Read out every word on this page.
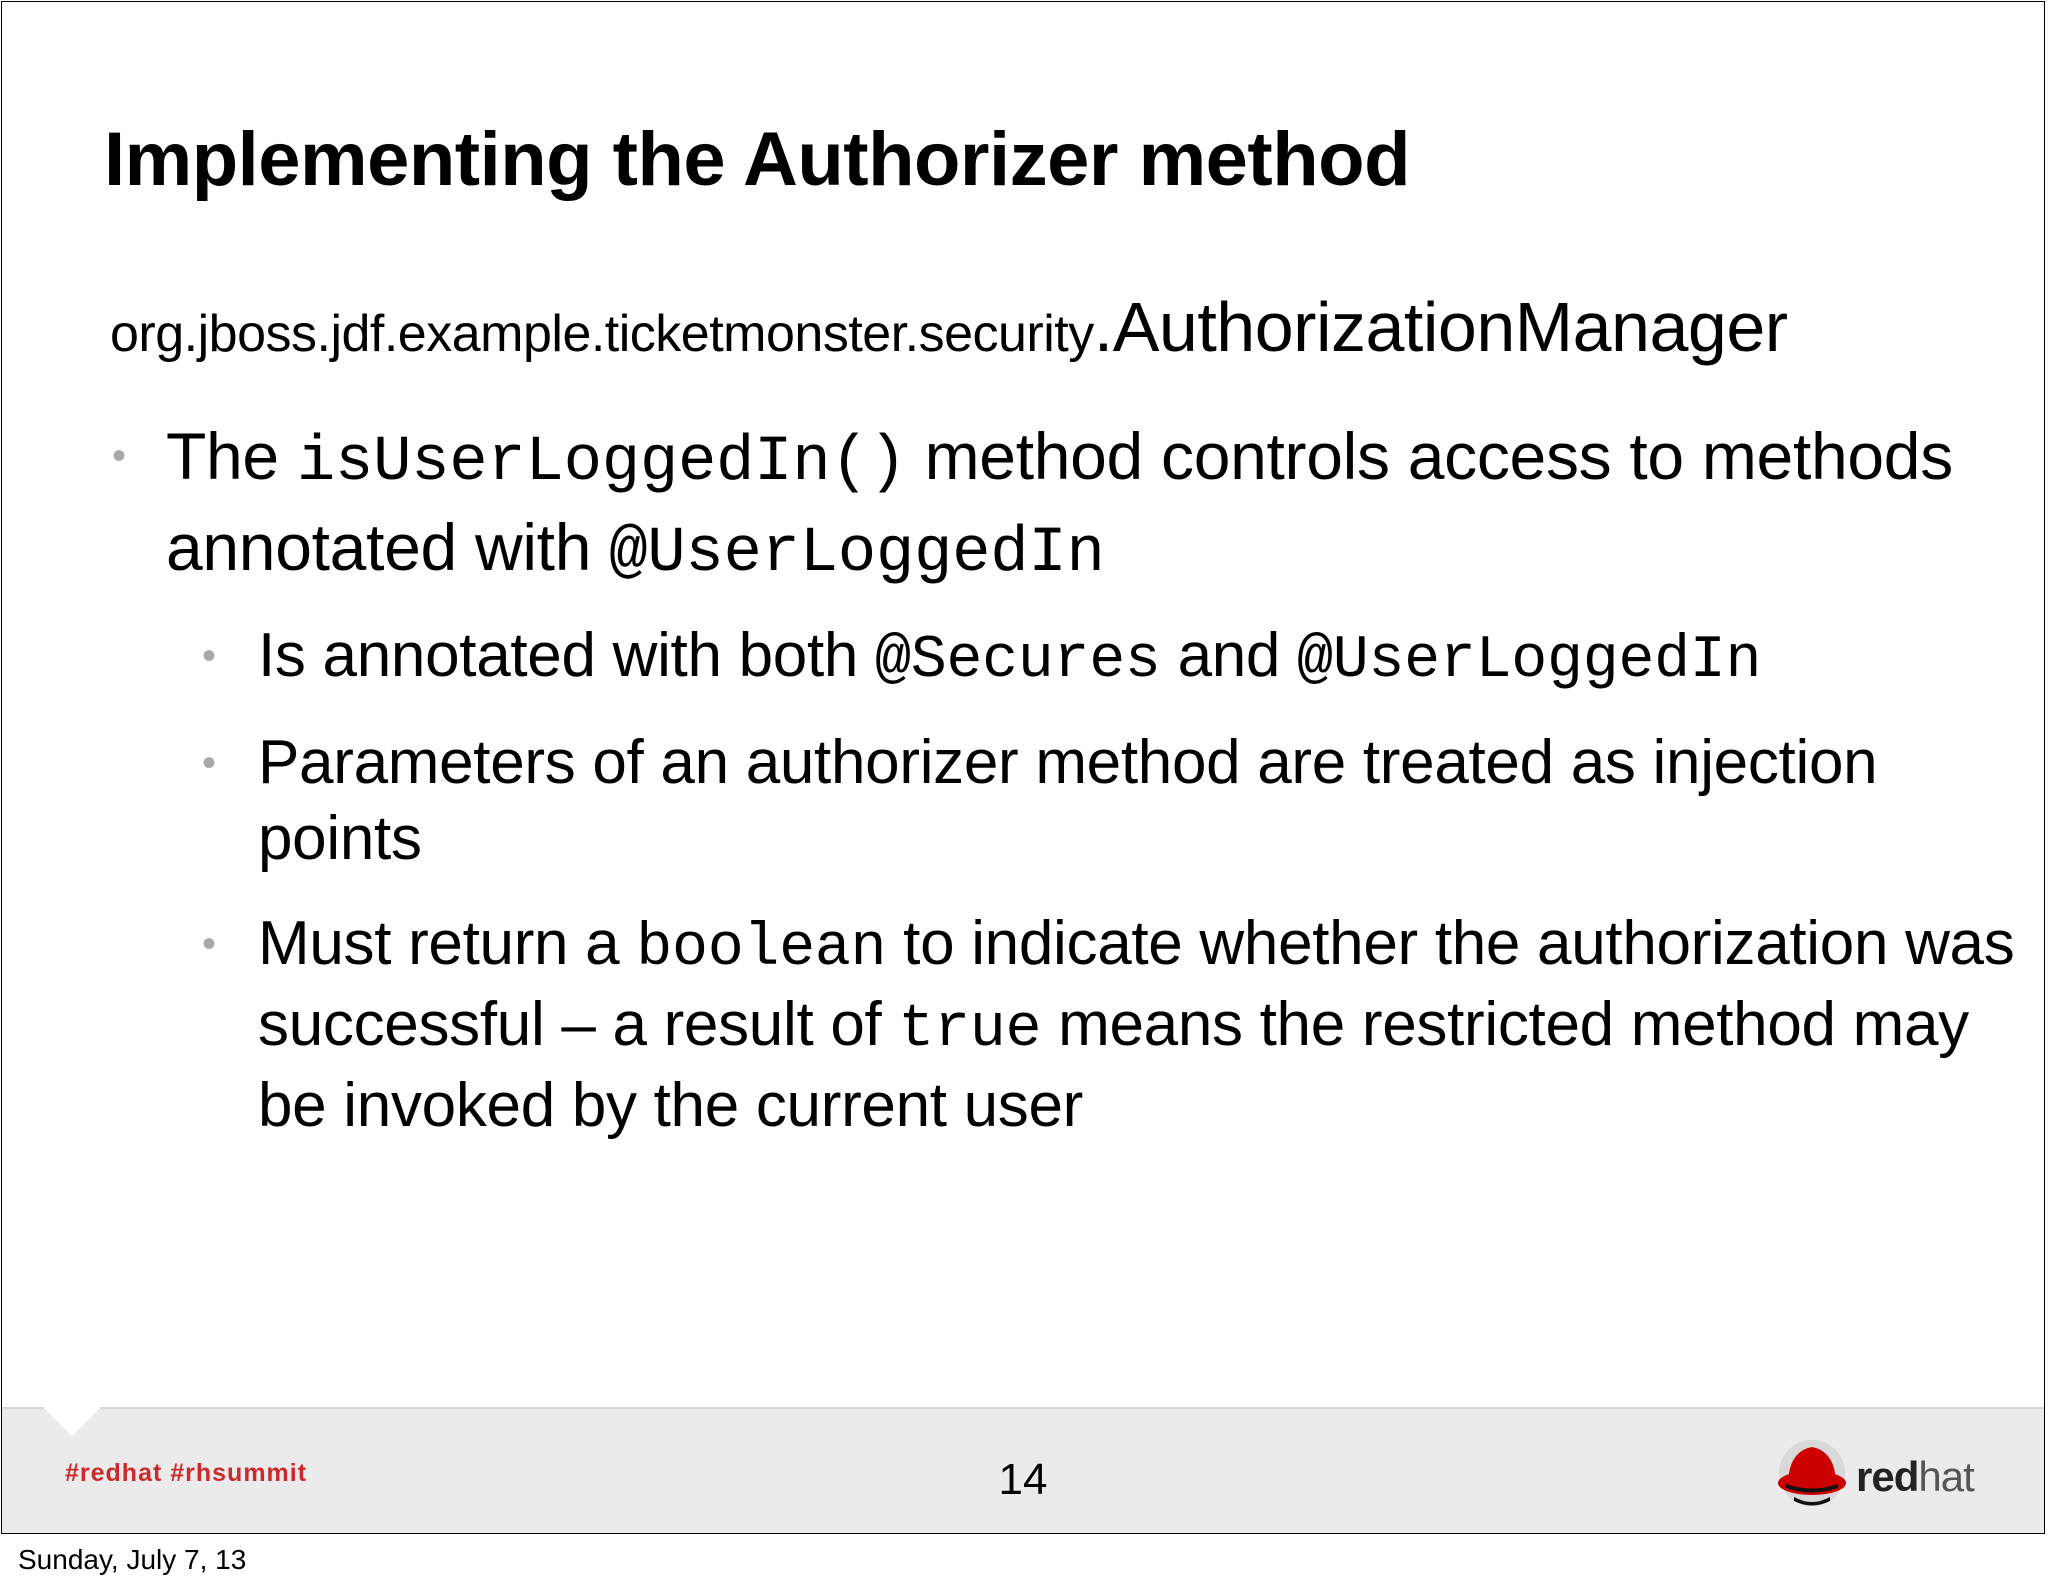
Implementing the Authorizer method
org.jboss.jdf.example.ticketmonster.security.AuthorizationManager
• The isUserLoggedIn() method controls access to methods annotated with @UserLoggedIn
• Is annotated with both @Secures and @UserLoggedIn
• Parameters of an authorizer method are treated as injection points
• Must return a boolean to indicate whether the authorization was successful – a result of true means the restricted method may be invoked by the current user
#redhat #rhsummit	14	redhat
Sunday, July 7, 13
